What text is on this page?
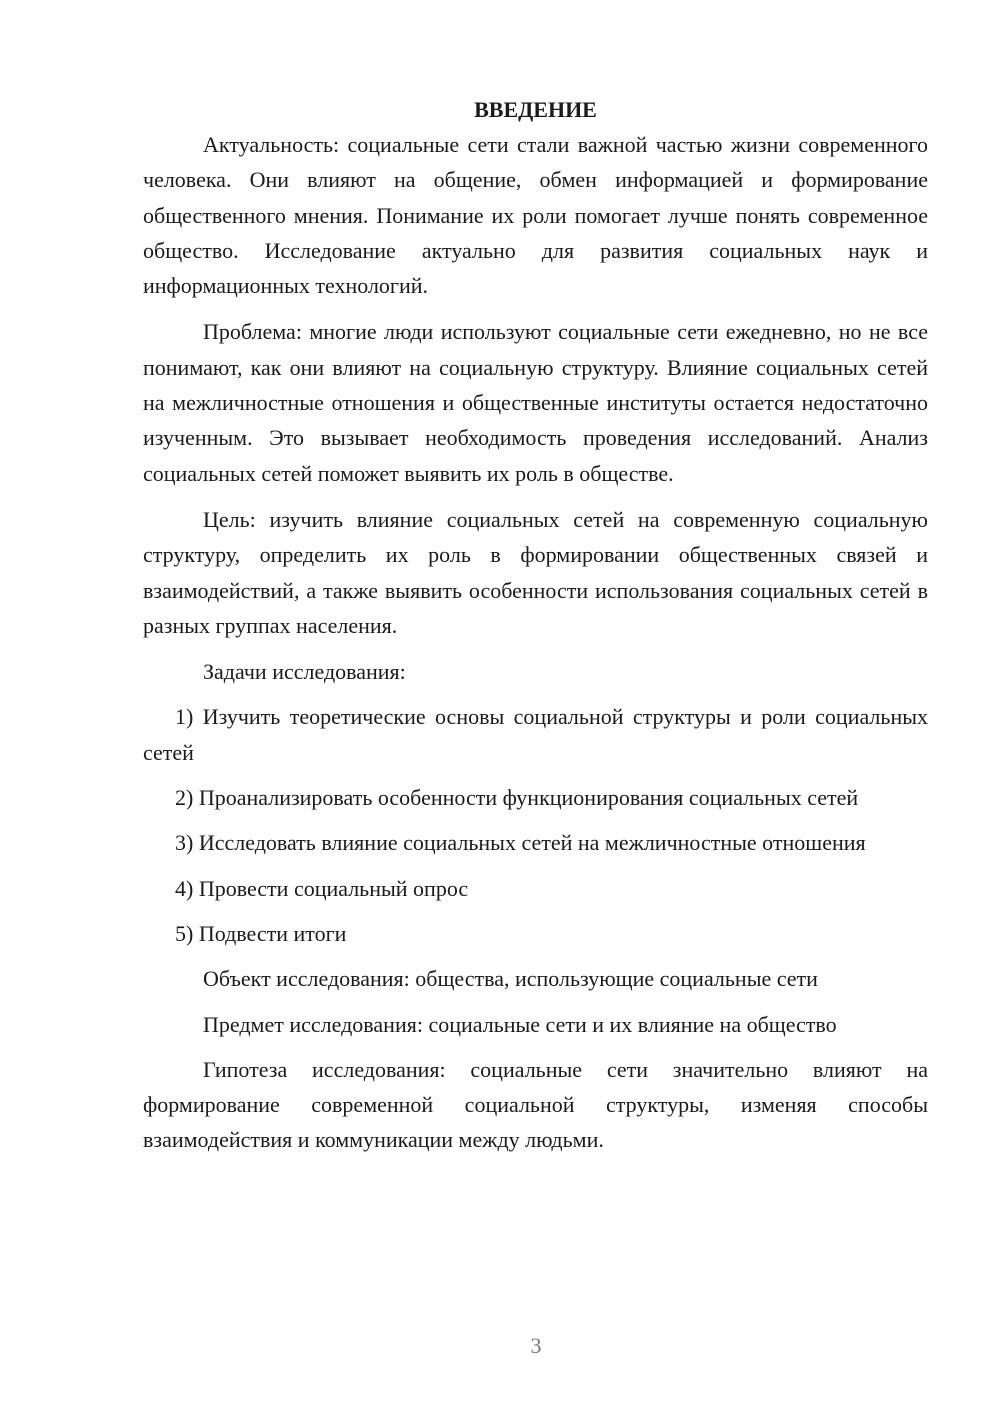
ВВЕДЕНИЕ

Актуальность: социальные сети стали важной частью жизни современного человека. Они влияют на общение, обмен информацией и формирование общественного мнения. Понимание их роли помогает лучше понять современное общество. Исследование актуально для развития социальных наук и информационных технологий.

Проблема: многие люди используют социальные сети ежедневно, но не все понимают, как они влияют на социальную структуру. Влияние социальных сетей на межличностные отношения и общественные институты остается недостаточно изученным. Это вызывает необходимость проведения исследований. Анализ социальных сетей поможет выявить их роль в обществе.

Цель: изучить влияние социальных сетей на современную социальную структуру, определить их роль в формировании общественных связей и взаимодействий, а также выявить особенности использования социальных сетей в разных группах населения.

Задачи исследования:

1) Изучить теоретические основы социальной структуры и роли социальных сетей

2) Проанализировать особенности функционирования социальных сетей

3) Исследовать влияние социальных сетей на межличностные отношения

4) Провести социальный опрос

5) Подвести итоги

Объект исследования: общества, использующие социальные сети

Предмет исследования: социальные сети и их влияние на общество

Гипотеза исследования: социальные сети значительно влияют на формирование современной социальной структуры, изменяя способы взаимодействия и коммуникации между людьми.

3
